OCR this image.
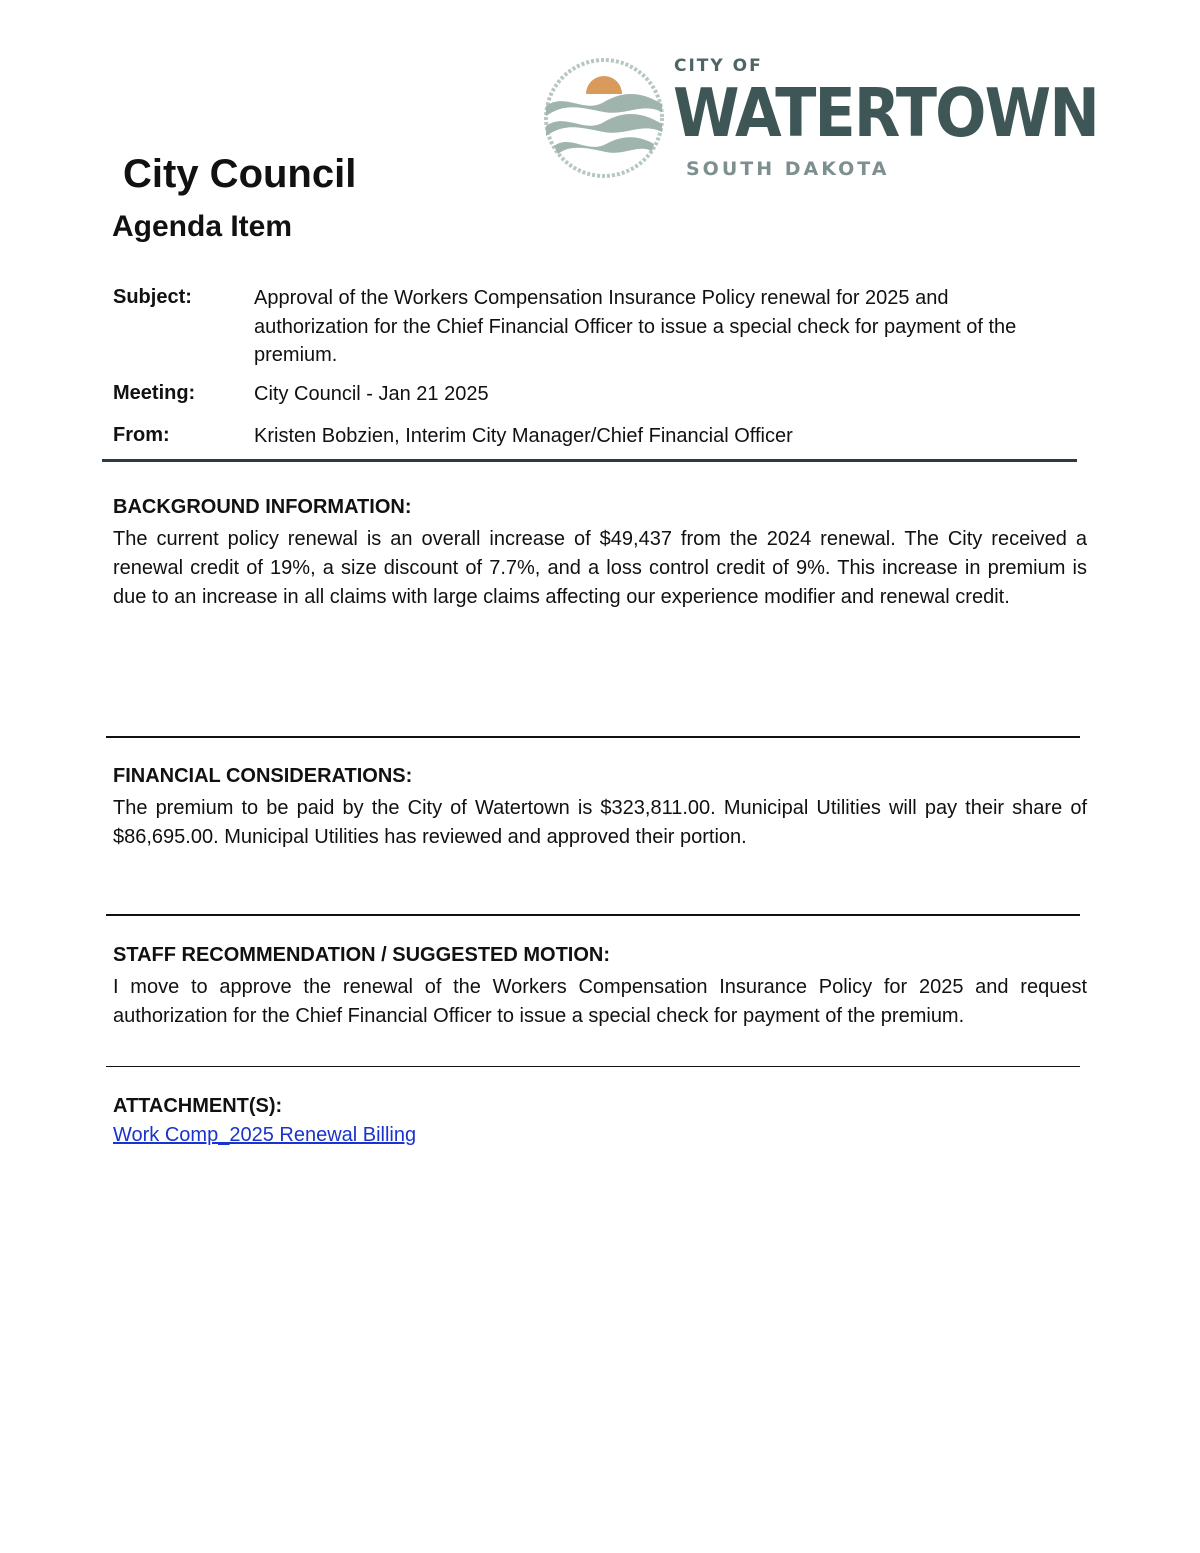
CITY OF
WATERTOWN
SOUTH DAKOTA
City Council
Agenda Item
Subject:	Approval of the Workers Compensation Insurance Policy renewal for 2025 and authorization for the Chief Financial Officer to issue a special check for payment of the premium.
Meeting:	City Council - Jan 21 2025
From:	Kristen Bobzien, Interim City Manager/Chief Financial Officer
BACKGROUND INFORMATION:

The current policy renewal is an overall increase of $49,437 from the 2024 renewal. The City received a renewal credit of 19%, a size discount of 7.7%, and a loss control credit of 9%. This increase in premium is due to an increase in all claims with large claims affecting our experience modifier and renewal credit.

FINANCIAL CONSIDERATIONS:

The premium to be paid by the City of Watertown is $323,811.00. Municipal Utilities will pay their share of $86,695.00. Municipal Utilities has reviewed and approved their portion.

STAFF RECOMMENDATION / SUGGESTED MOTION:

I move to approve the renewal of the Workers Compensation Insurance Policy for 2025 and request authorization for the Chief Financial Officer to issue a special check for payment of the premium.

ATTACHMENT(S):
Work Comp_2025 Renewal Billing
